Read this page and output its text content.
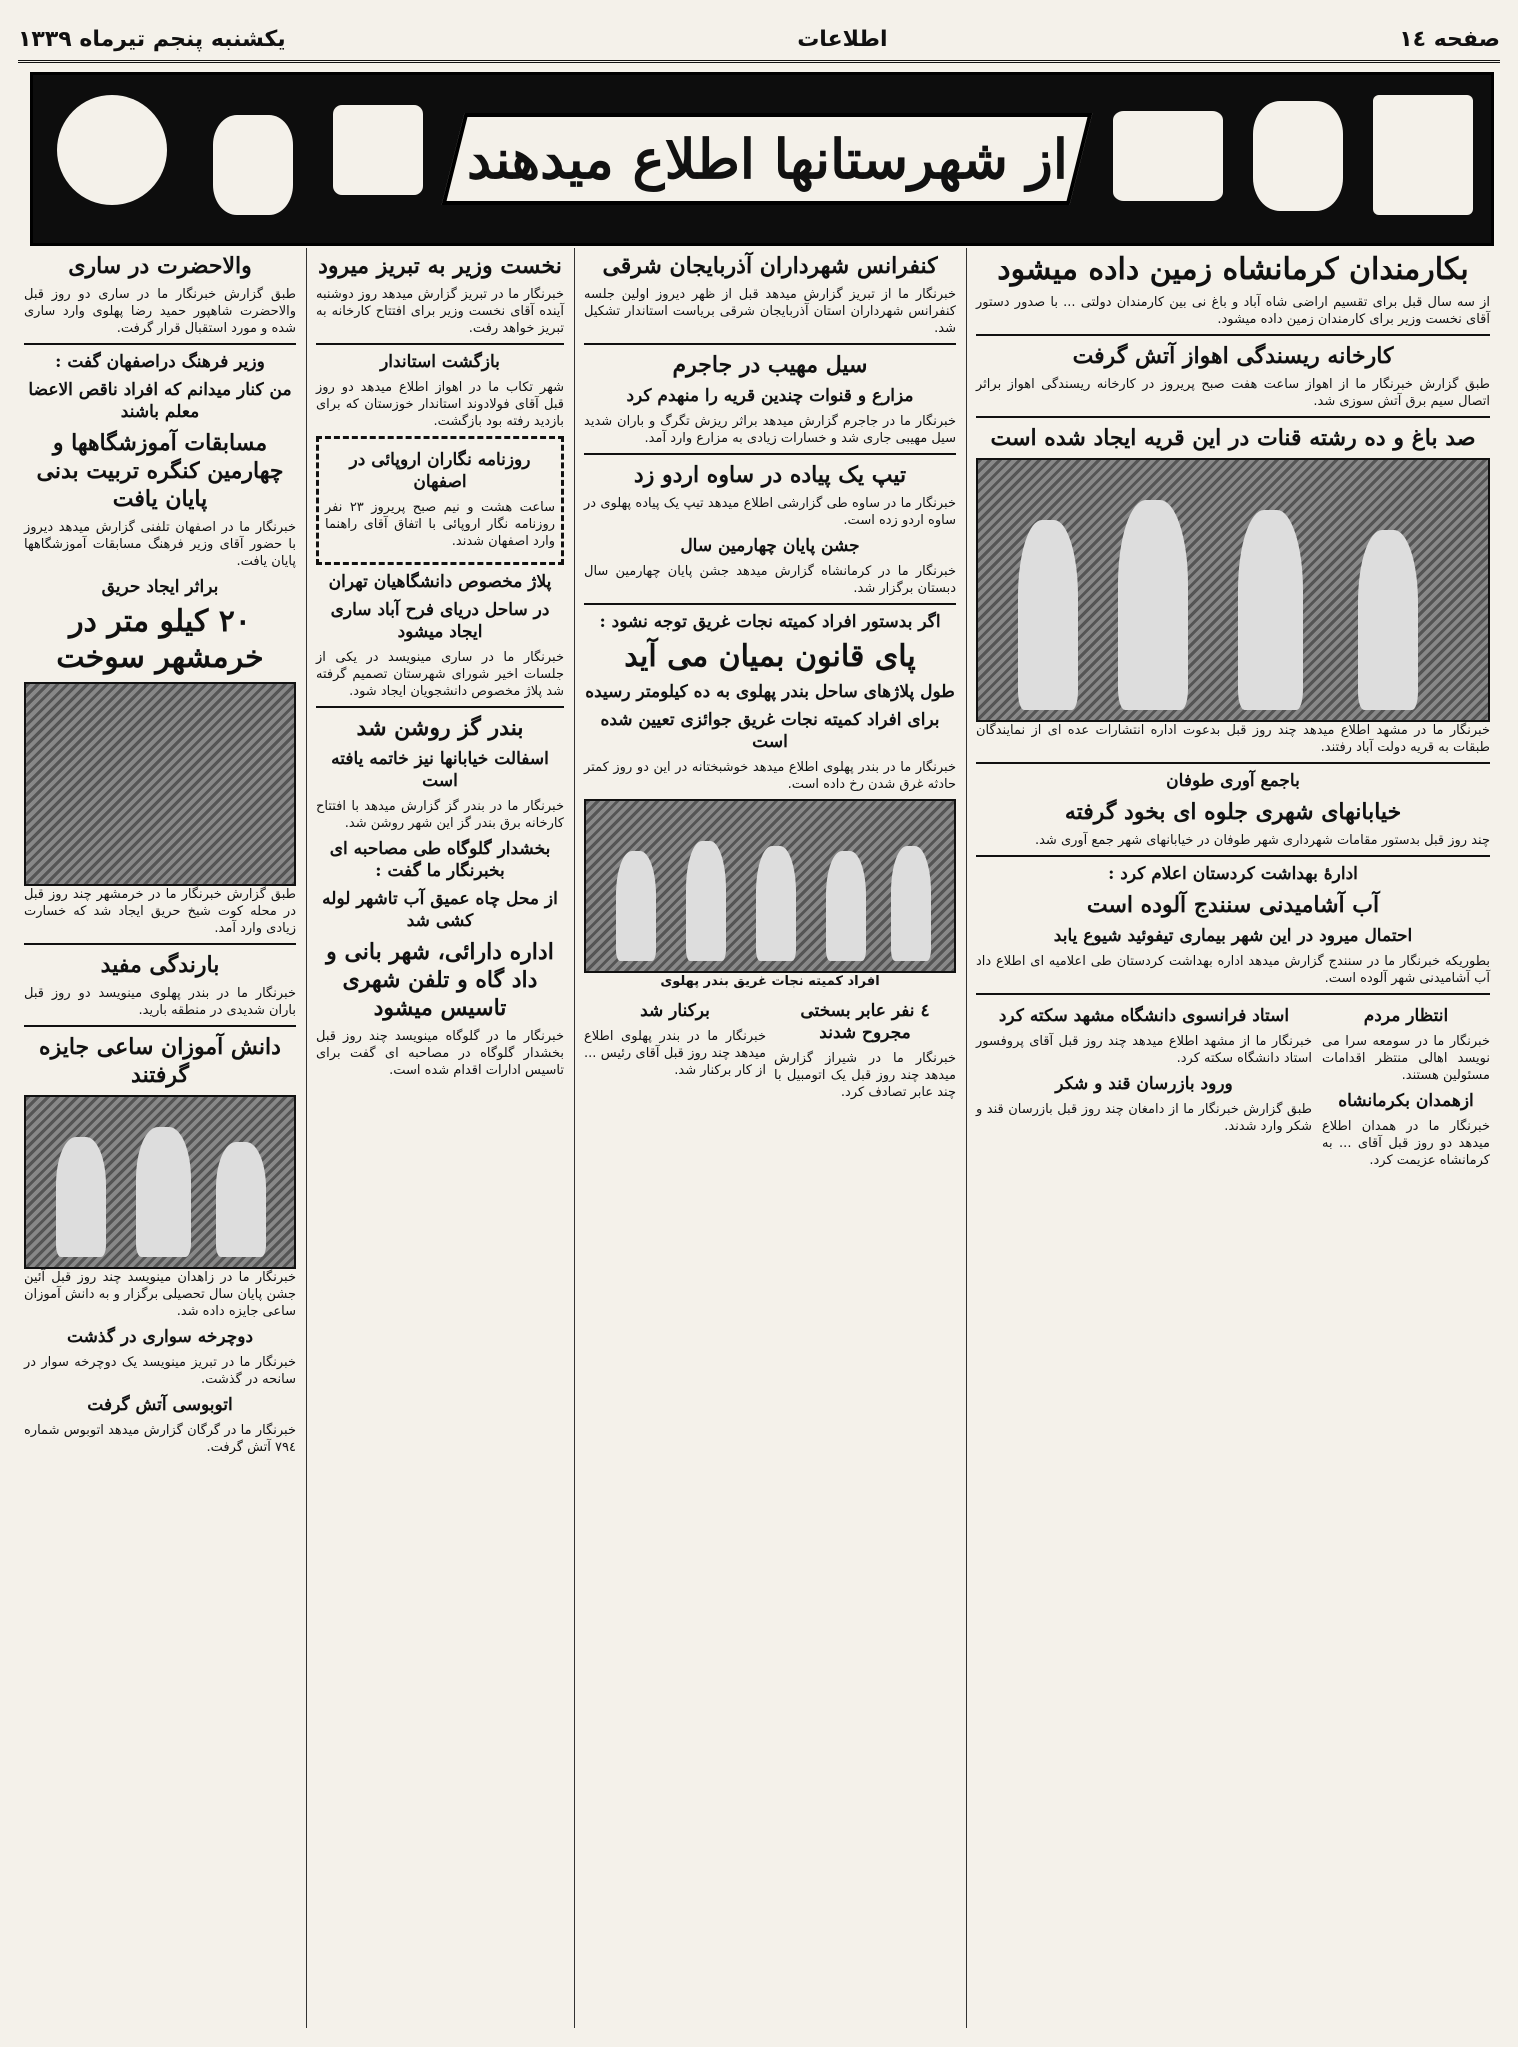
صفحه ۱٤
اطلاعات
یکشنبه پنجم تیرماه ۱۳۳۹
از شهرستانها اطلاع میدهند
بکارمندان کرمانشاه زمین داده میشود

از سه سال قبل برای تقسیم اراضی شاه آباد و باغ نی بین کارمندان دولتی ... با صدور دستور آقای نخست وزیر برای کارمندان زمین داده میشود.

کارخانه ریسندگی اهواز آتش گرفت

طبق گزارش خبرنگار ما از اهواز ساعت هفت صبح پریروز در کارخانه ریسندگی اهواز براثر اتصال سیم برق آتش سوزی شد.

صد باغ و ده رشته قنات در این قریه ایجاد شده است

خبرنگار ما در مشهد اطلاع میدهد چند روز قبل بدعوت اداره انتشارات عده ای از نمایندگان طبقات به قریه دولت آباد رفتند.

باجمع آوری طوفان
خیابانهای شهری جلوه ای بخود گرفته

چند روز قبل بدستور مقامات شهرداری شهر طوفان در خیابانهای شهر جمع آوری شد.

ادارهٔ بهداشت کردستان اعلام کرد :
آب آشامیدنی سنندج آلوده است
احتمال میرود در این شهر بیماری تیفوئید شیوع یابد

بطوریکه خبرنگار ما در سنندج گزارش میدهد اداره بهداشت کردستان طی اعلامیه ای اطلاع داد آب آشامیدنی شهر آلوده است.

انتظار مردم

خبرنگار ما در سومعه سرا می نویسد اهالی منتظر اقدامات مسئولین هستند.

ازهمدان بکرمانشاه

خبرنگار ما در همدان اطلاع میدهد دو روز قبل آقای ... به کرمانشاه عزیمت کرد.

استاد فرانسوی دانشگاه مشهد سکته کرد

خبرنگار ما از مشهد اطلاع میدهد چند روز قبل آقای پروفسور استاد دانشگاه سکته کرد.

ورود بازرسان قند و شکر

طبق گزارش خبرنگار ما از دامغان چند روز قبل بازرسان قند و شکر وارد شدند.

کنفرانس شهرداران آذربایجان شرقی

خبرنگار ما از تبریز گزارش میدهد قبل از ظهر دیروز اولین جلسه کنفرانس شهرداران استان آذربایجان شرقی بریاست استاندار تشکیل شد.

سیل مهیب در جاجرم
مزارع و قنوات چندین قریه را منهدم کرد

خبرنگار ما در جاجرم گزارش میدهد براثر ریزش تگرگ و باران شدید سیل مهیبی جاری شد و خسارات زیادی به مزارع وارد آمد.

تیپ یک پیاده در ساوه اردو زد

خبرنگار ما در ساوه طی گزارشی اطلاع میدهد تیپ یک پیاده پهلوی در ساوه اردو زده است.

جشن پایان چهارمین سال

خبرنگار ما در کرمانشاه گزارش میدهد جشن پایان چهارمین سال دبستان برگزار شد.

اگر بدستور افراد کمیته نجات غریق توجه نشود :
پای قانون بمیان می آید
طول پلاژهای ساحل بندر پهلوی به ده کیلومتر رسیده
برای افراد کمیته نجات غریق جوائزی تعیین شده است

خبرنگار ما در بندر پهلوی اطلاع میدهد خوشبختانه در این دو روز کمتر حادثه غرق شدن رخ داده است.

افراد کمیته نجات غریق بندر پهلوی

٤ نفر عابر بسختی مجروح شدند

خبرنگار ما در شیراز گزارش میدهد چند روز قبل یک اتومبیل با چند عابر تصادف کرد.

برکنار شد

خبرنگار ما در بندر پهلوی اطلاع میدهد چند روز قبل آقای رئیس ... از کار برکنار شد.

نخست وزیر به تبریز میرود

خبرنگار ما در تبریز گزارش میدهد روز دوشنبه آینده آقای نخست وزیر برای افتتاح کارخانه به تبریز خواهد رفت.

بازگشت استاندار

شهر تکاب ما در اهواز اطلاع میدهد دو روز قبل آقای فولادوند استاندار خوزستان که برای بازدید رفته بود بازگشت.

روزنامه نگاران اروپائی در اصفهان

ساعت هشت و نیم صبح پریروز ۲۳ نفر روزنامه نگار اروپائی با اتفاق آقای راهنما وارد اصفهان شدند.

پلاژ مخصوص دانشگاهیان تهران
در ساحل دریای فرح آباد ساری ایجاد میشود

خبرنگار ما در ساری مینویسد در یکی از جلسات اخیر شورای شهرستان تصمیم گرفته شد پلاژ مخصوص دانشجویان ایجاد شود.

بندر گز روشن شد
اسفالت خیابانها نیز خاتمه یافته است

خبرنگار ما در بندر گز گزارش میدهد با افتتاح کارخانه برق بندر گز این شهر روشن شد.

بخشدار گلوگاه طی مصاحبه ای بخبرنگار ما گفت :
از محل چاه عمیق آب تاشهر لوله کشی شد
اداره دارائی، شهر بانی و داد گاه و تلفن شهری تاسیس میشود

خبرنگار ما در گلوگاه مینویسد چند روز قبل بخشدار گلوگاه در مصاحبه ای گفت برای تاسیس ادارات اقدام شده است.

والاحضرت در ساری

طبق گزارش خبرنگار ما در ساری دو روز قبل والاحضرت شاهپور حمید رضا پهلوی وارد ساری شده و مورد استقبال قرار گرفت.

وزیر فرهنگ دراصفهان گفت :
من کنار میدانم که افراد ناقص الاعضا معلم باشند
مسابقات آموزشگاهها و چهارمین کنگره تربیت بدنی پایان یافت

خبرنگار ما در اصفهان تلفنی گزارش میدهد دیروز با حضور آقای وزیر فرهنگ مسابقات آموزشگاهها پایان یافت.

براثر ایجاد حریق
۲۰ کیلو متر در خرمشهر سوخت

طبق گزارش خبرنگار ما در خرمشهر چند روز قبل در محله کوت شیخ حریق ایجاد شد که خسارت زیادی وارد آمد.

بارندگی مفید

خبرنگار ما در بندر پهلوی مینویسد دو روز قبل باران شدیدی در منطقه بارید.

دانش آموزان ساعی جایزه گرفتند

خبرنگار ما در زاهدان مینویسد چند روز قبل آئین جشن پایان سال تحصیلی برگزار و به دانش آموزان ساعی جایزه داده شد.

دوچرخه سواری در گذشت

خبرنگار ما در تبریز مینویسد یک دوچرخه سوار در سانحه در گذشت.

اتوبوسی آتش گرفت

خبرنگار ما در گرگان گزارش میدهد اتوبوس شماره ۷۹٤ آتش گرفت.
